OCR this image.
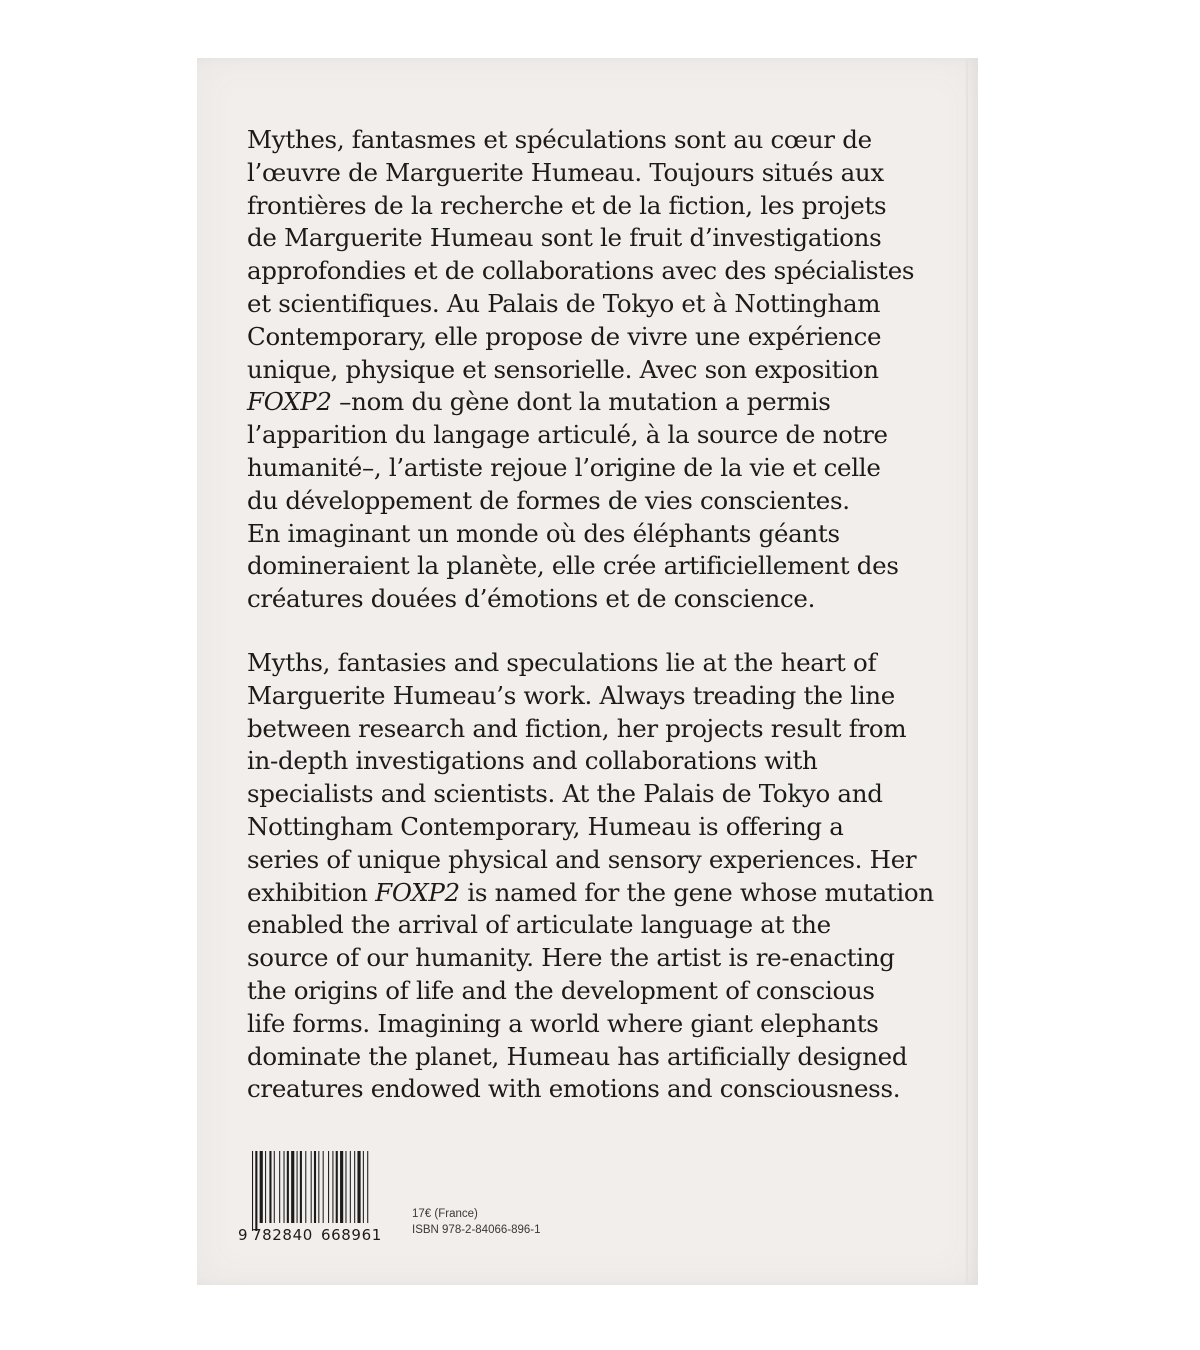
Mythes, fantasmes et spéculations sont au cœur de
l’œuvre de Marguerite Humeau. Toujours situés aux
frontières de la recherche et de la fiction, les projets
de Marguerite Humeau sont le fruit d’investigations
approfondies et de collaborations avec des spécialistes
et scientifiques. Au Palais de Tokyo et à Nottingham
Contemporary, elle propose de vivre une expérience
unique, physique et sensorielle. Avec son exposition
FOXP2 –nom du gène dont la mutation a permis
l’apparition du langage articulé, à la source de notre
humanité–, l’artiste rejoue l’origine de la vie et celle
du développement de formes de vies conscientes.
En imaginant un monde où des éléphants géants
domineraient la planète, elle crée artificiellement des
créatures douées d’émotions et de conscience.
Myths, fantasies and speculations lie at the heart of
Marguerite Humeau’s work. Always treading the line
between research and fiction, her projects result from
in-depth investigations and collaborations with
specialists and scientists. At the Palais de Tokyo and
Nottingham Contemporary, Humeau is offering a
series of unique physical and sensory experiences. Her
exhibition FOXP2 is named for the gene whose mutation
enabled the arrival of articulate language at the
source of our humanity. Here the artist is re-enacting
the origins of life and the development of conscious
life forms. Imagining a world where giant elephants
dominate the planet, Humeau has artificially designed
creatures endowed with emotions and consciousness.
9 782840 668961
17€ (France)
ISBN 978-2-84066-896-1
